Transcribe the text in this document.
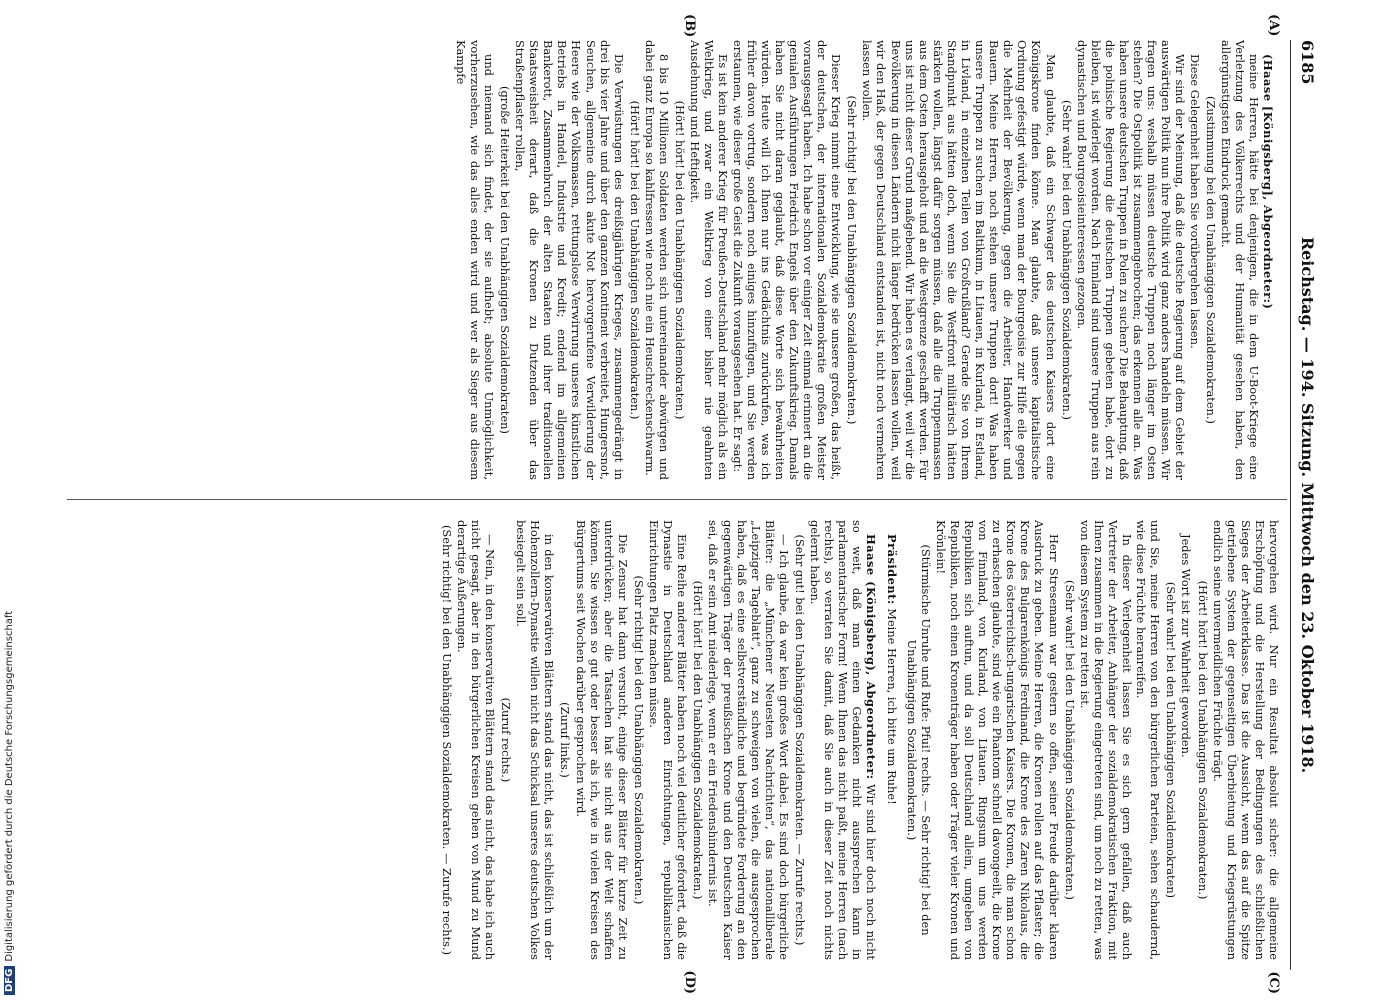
6185
Reichstag. — 194. Sitzung. Mittwoch den 23. Oktober 1918.
(A)
(B)
(C)
(D)

(Haase [Königsberg], Abgeordneter:)

meine Herren, hätte bei denjenigen, die in dem U-Boot-Kriege eine Verletzung des Völkerrechts und der Humanität gesehen haben, den allergünstigsten Eindruck gemacht.

(Zustimmung bei den Unabhängigen Sozialdemokraten.)

Diese Gelegenheit haben Sie vorübergehen lassen.

Wir sind der Meinung, daß die deutsche Regierung auf dem Gebiet der auswärtigen Politik nun ihre Politik wird ganz anders handeln müssen. Wir fragen uns: weshalb müssen deutsche Truppen noch länger im Osten stehen? Die Ostpolitik ist zusammengebrochen; das erkennen alle an. Was haben unsere deutschen Truppen in Polen zu suchen? Die Behauptung, daß die polnische Regierung die deutschen Truppen gebeten habe, dort zu bleiben, ist widerlegt worden. Nach Finnland sind unsere Truppen aus rein dynastischen und Bourgeoisieinteressen gezogen.

(Sehr wahr! bei den Unabhängigen Sozialdemokraten.)

Man glaubte, daß ein Schwager des deutschen Kaisers dort eine Königskrone finden könne. Man glaubte, daß unsere kapitalistische Ordnung gefestigt würde, wenn man der Bourgeoisie zur Hilfe eile gegen die Mehrheit der Bevölkerung, gegen die Arbeiter, Handwerker und Bauern. Meine Herren, noch stehen unsere Truppen dort! Was haben unsere Truppen zu suchen im Baltikum, in Litauen, in Kurland, in Estland, in Livland, in einzelnen Teilen von Großrußland? Gerade Sie von Ihrem Standpunkt aus hätten doch, wenn Sie die Westfront militärisch hätten stärken wollen, längst dafür sorgen müssen, daß alle die Truppenmassen aus dem Osten herausgeholt und an die Westgrenze geschafft werden. Für uns ist nicht dieser Grund maßgebend. Wir haben es verlangt, weil wir die Bevölkerung in diesen Ländern nicht länger bedrücken lassen wollen, weil wir den Haß, der gegen Deutschland entstanden ist, nicht noch vermehren lassen wollen.

(Sehr richtig! bei den Unabhängigen Sozialdemokraten.)

Dieser Krieg nimmt eine Entwicklung, wie sie unsere großen, das heißt, der deutschen, der internationalen Sozialdemokratie großen Meister vorausgesagt haben. Ich habe schon vor einiger Zeit einmal erinnert an die genialen Ausführungen Friedrich Engels über den Zukunftskrieg. Damals haben Sie nicht daran geglaubt, daß diese Worte sich bewahrheiten würden. Heute will ich Ihnen nur ins Gedächtnis zurückrufen, was ich früher davon vortrug, sondern noch einiges hinzufügen, und Sie werden erstaunen, wie dieser große Geist die Zukunft vorausgesehen hat. Er sagt:

Es ist kein anderer Krieg für Preußen-Deutschland mehr möglich als ein Weltkrieg, und zwar ein Weltkrieg von einer bisher nie geahnten Ausdehnung und Heftigkeit.

(Hört! hört! bei den Unabhängigen Sozialdemokraten.)

8 bis 10 Millionen Soldaten werden sich untereinander abwürgen und dabei ganz Europa so kahlfressen wie noch nie ein Heuschreckenschwarm.

(Hört! hört! bei den Unabhängigen Sozialdemokraten.)

Die Verwüstungen des dreißigjährigen Krieges, zusammengedrängt in drei bis vier Jahre und über den ganzen Kontinent verbreitet, Hungersnot, Seuchen, allgemeine durch akute Not hervorgerufene Verwilderung der Heere wie der Volksmassen, rettungslose Verwirrung unseres künstlichen Betriebs in Handel, Industrie und Kredit; endend im allgemeinen Bankerott, Zusammenbruch der alten Staaten und ihrer traditionellen Staatsweisheit derart, daß die Kronen zu Dutzenden über das Straßenpflaster rollen,

(große Heiterkeit bei den Unabhängigen Sozialdemokraten)

und niemand sich findet, der sie aufhebt; absolute Unmöglichkeit, vorherzusehen, wie das alles enden wird und wer als Sieger aus diesem Kampfe

hervorgehen wird. Nur ein Resultat absolut sicher: die allgemeine Erschöpfung und die Herstellung der Bedingungen des schließlichen Sieges der Arbeiterklasse. Das ist die Aussicht, wenn das auf die Spitze getriebene System der gegenseitigen Überbietung und Kriegsrüstungen endlich seine unvermeidlichen Früchte trägt.

(Hört! hört! bei den Unabhängigen Sozialdemokraten.)

Jedes Wort ist zur Wahrheit geworden.

(Sehr wahr! bei den Unabhängigen Sozialdemokraten)

und Sie, meine Herren von den bürgerlichen Parteien, sehen schaudernd, wie diese Früchte heranreifen.

In dieser Verlegenheit lassen Sie es sich gern gefallen, daß auch Vertreter der Arbeiter, Anhänger der sozialdemokratischen Fraktion, mit Ihnen zusammen in die Regierung eingetreten sind, um noch zu retten, was von diesem System zu retten ist.

(Sehr wahr! bei den Unabhängigen Sozialdemokraten.)

Herr Stresemann war gestern so offen, seiner Freude darüber klaren Ausdruck zu geben. Meine Herren, die Kronen rollen auf das Pflaster; die Krone des Bulgarenkönigs Ferdinand, die Krone des Zaren Nikolaus, die Krone des österreichisch-ungarischen Kaisers. Die Kronen, die man schon zu erhaschen glaubte, sind wie ein Phantom schnell davongeeilt, die Krone von Finnland, von Kurland, von Litauen. Ringsum um uns werden Republiken sich auftun, und da soll Deutschland allein, umgeben von Republiken, noch einen Kronenträger haben oder Träger vieler Kronen und Krönlein!

(Stürmische Unruhe und Rufe: Pfui! rechts. — Sehr richtig! bei den Unabhängigen Sozialdemokraten.)

Präsident: Meine Herren, ich bitte um Ruhe!

Haase (Königsberg), Abgeordneter: Wir sind hier doch noch nicht so weit, daß man einen Gedanken nicht aussprechen kann in parlamentarischer Form! Wenn Ihnen das nicht paßt, meine Herren (nach rechts), so verraten Sie damit, daß Sie auch in dieser Zeit noch nichts gelernt haben.

(Sehr gut! bei den Unabhängigen Sozialdemokraten. — Zurufe rechts.)

— Ich glaube, da war kein großes Wort dabei. Es sind doch bürgerliche Blätter: die „Münchener Neuesten Nachrichten“, das nationalliberale „Leipziger Tageblatt“, ganz zu schweigen von vielen, die ausgesprochen haben, daß es eine selbstverständliche und begründete Forderung an den gegenwärtigen Träger der preußischen Krone und den Deutschen Kaiser sei, daß er sein Amt niederlege, wenn er ein Friedenshindernis ist.

(Hört! hört! bei den Unabhängigen Sozialdemokraten.)

Eine Reihe anderer Blätter haben noch viel deutlicher gefordert, daß die Dynastie in Deutschland anderen Einrichtungen, republikanischen Einrichtungen Platz machen müsse.

(Sehr richtig! bei den Unabhängigen Sozialdemokraten.)

Die Zensur hat dann versucht, einige dieser Blätter für kurze Zeit zu unterdrücken; aber die Tatsachen hat sie nicht aus der Welt schaffen können. Sie wissen so gut oder besser als ich, wie in vielen Kreisen des Bürgertums seit Wochen darüber gesprochen wird.

(Zuruf links.)

in den konservativen Blättern stand das nicht, das ist schließlich um der Hohenzollern-Dynastie willen nicht das Schicksal unseres deutschen Volkes besiegelt sein soll.

(Zuruf rechts.)

— Nein, in den konservativen Blättern stand das nicht, das habe ich auch nicht gesagt, aber in den bürgerlichen Kreisen gehen von Mund zu Mund derartige Äußerungen.

(Sehr richtig! bei den Unabhängigen Sozialdemokraten. — Zurufe rechts.)

DFGDigitalisierung gefördert durch die Deutsche Forschungsgemeinschaft
